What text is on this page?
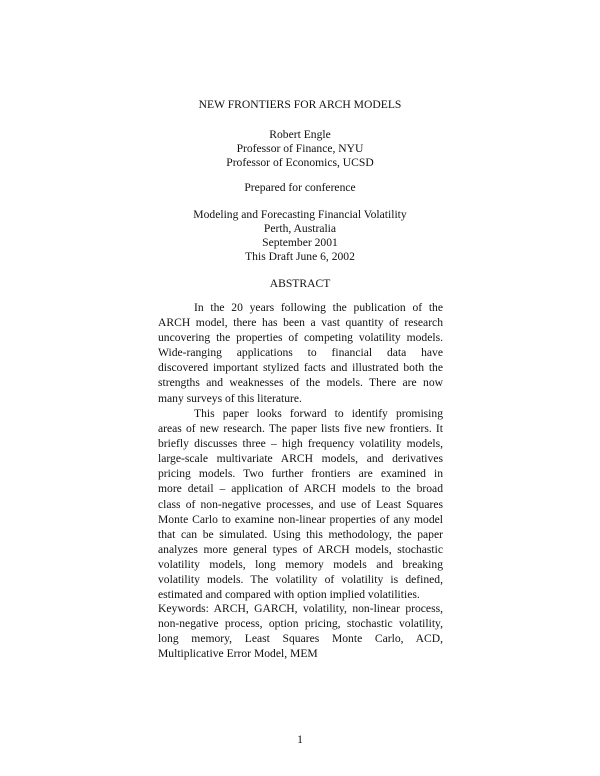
NEW FRONTIERS FOR ARCH MODELS
Robert Engle
Professor of Finance, NYU
Professor of Economics, UCSD
Prepared for conference
Modeling and Forecasting Financial Volatility
Perth, Australia
September 2001
This Draft June 6, 2002
ABSTRACT
In the 20 years following the publication of the
ARCH model, there has been a vast quantity of research
uncovering the properties of competing volatility models.
Wide-ranging applications to financial data have
discovered important stylized facts and illustrated both the
strengths and weaknesses of the models. There are now
many surveys of this literature.
This paper looks forward to identify promising
areas of new research. The paper lists five new frontiers. It
briefly discusses three – high frequency volatility models,
large-scale multivariate ARCH models, and derivatives
pricing models. Two further frontiers are examined in
more detail – application of ARCH models to the broad
class of non-negative processes, and use of Least Squares
Monte Carlo to examine non-linear properties of any model
that can be simulated. Using this methodology, the paper
analyzes more general types of ARCH models, stochastic
volatility models, long memory models and breaking
volatility models. The volatility of volatility is defined,
estimated and compared with option implied volatilities.
Keywords: ARCH, GARCH, volatility, non-linear process,
non-negative process, option pricing, stochastic volatility,
long memory, Least Squares Monte Carlo, ACD,
Multiplicative Error Model, MEM
1
